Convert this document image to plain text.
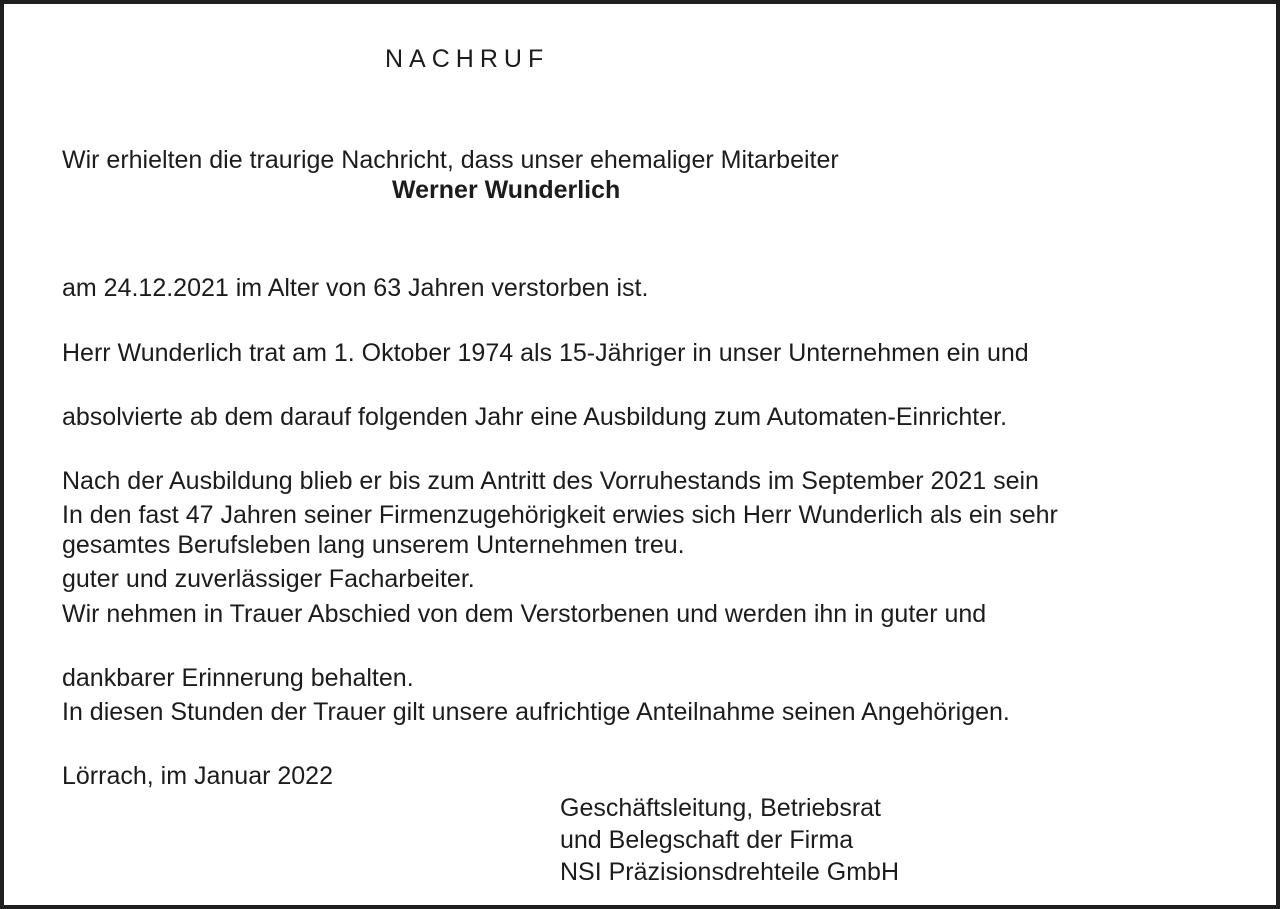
NACHRUF

Wir erhielten die traurige Nachricht, dass unser ehemaliger Mitarbeiter

Werner Wunderlich

am 24.12.2021 im Alter von 63 Jahren verstorben ist.

Herr Wunderlich trat am 1. Oktober 1974 als 15-Jähriger in unser Unternehmen ein und

absolvierte ab dem darauf folgenden Jahr eine Ausbildung zum Automaten-Einrichter.

Nach der Ausbildung blieb er bis zum Antritt des Vorruhestands im September 2021 sein

gesamtes Berufsleben lang unserem Unternehmen treu.

In den fast 47 Jahren seiner Firmenzugehörigkeit erwies sich Herr Wunderlich als ein sehr

guter und zuverlässiger Facharbeiter.

Wir nehmen in Trauer Abschied von dem Verstorbenen und werden ihn in guter und

dankbarer Erinnerung behalten.

In diesen Stunden der Trauer gilt unsere aufrichtige Anteilnahme seinen Angehörigen.

Lörrach, im Januar 2022

Geschäftsleitung, Betriebsrat
und Belegschaft der Firma
NSI Präzisionsdrehteile GmbH
